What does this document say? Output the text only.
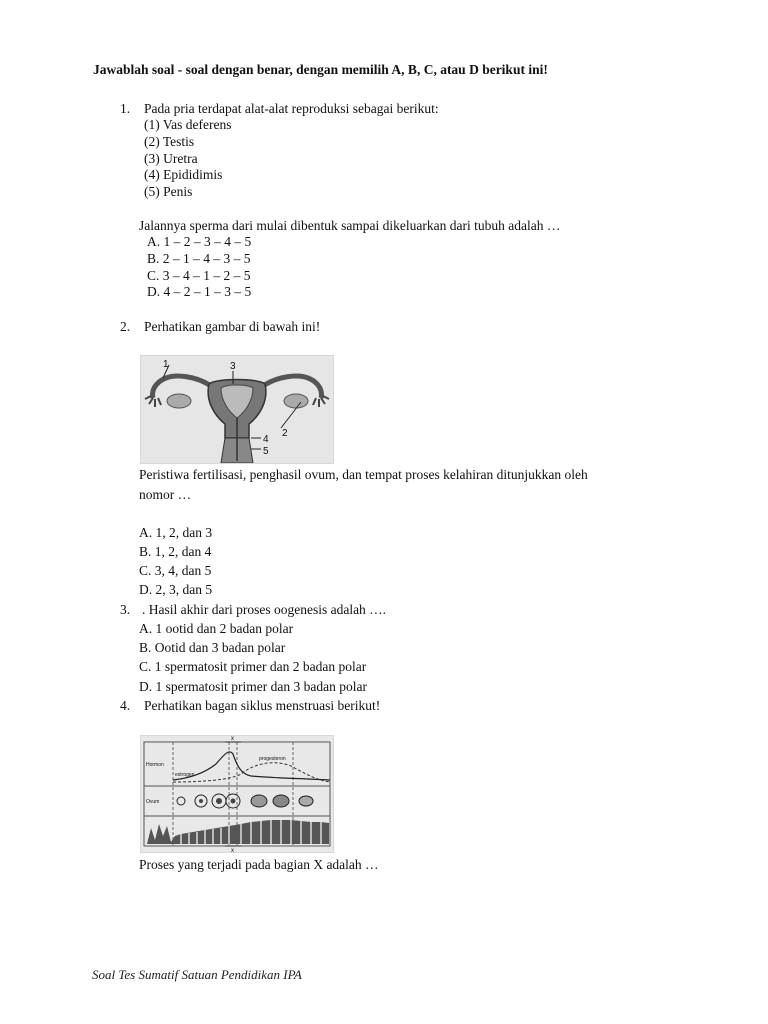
Jawablah soal - soal dengan benar, dengan memilih A, B, C, atau D berikut ini!
1. Pada pria terdapat alat-alat reproduksi sebagai berikut:
(1) Vas deferens
(2) Testis
(3) Uretra
(4) Epididimis
(5) Penis
Jalannya sperma dari mulai dibentuk sampai dikeluarkan dari tubuh adalah …
A. 1 – 2 – 3 – 4 – 5
B. 2 – 1 – 4 – 3 – 5
C. 3 – 4 – 1 – 2 – 5
D. 4 – 2 – 1 – 3 – 5
2. Perhatikan gambar di bawah ini!
1	3
2
4
5
Peristiwa fertilisasi, penghasil ovum, dan tempat proses kelahiran ditunjukkan oleh
nomor …
A. 1, 2, dan 3
B. 1, 2, dan 4
C. 3, 4, dan 5
D. 2, 3, dan 5
3. . Hasil akhir dari proses oogenesis adalah ….
A. 1 ootid dan 2 badan polar
B. Ootid dan 3 badan polar
C. 1 spermatosit primer dan 2 badan polar
D. 1 spermatosit primer dan 3 badan polar
4. Perhatikan bagan siklus menstruasi berikut!
x
x
Hormon
estrogen
progesteron
Ovum
Proses yang terjadi pada bagian X adalah …
Soal Tes Sumatif Satuan Pendidikan IPA
